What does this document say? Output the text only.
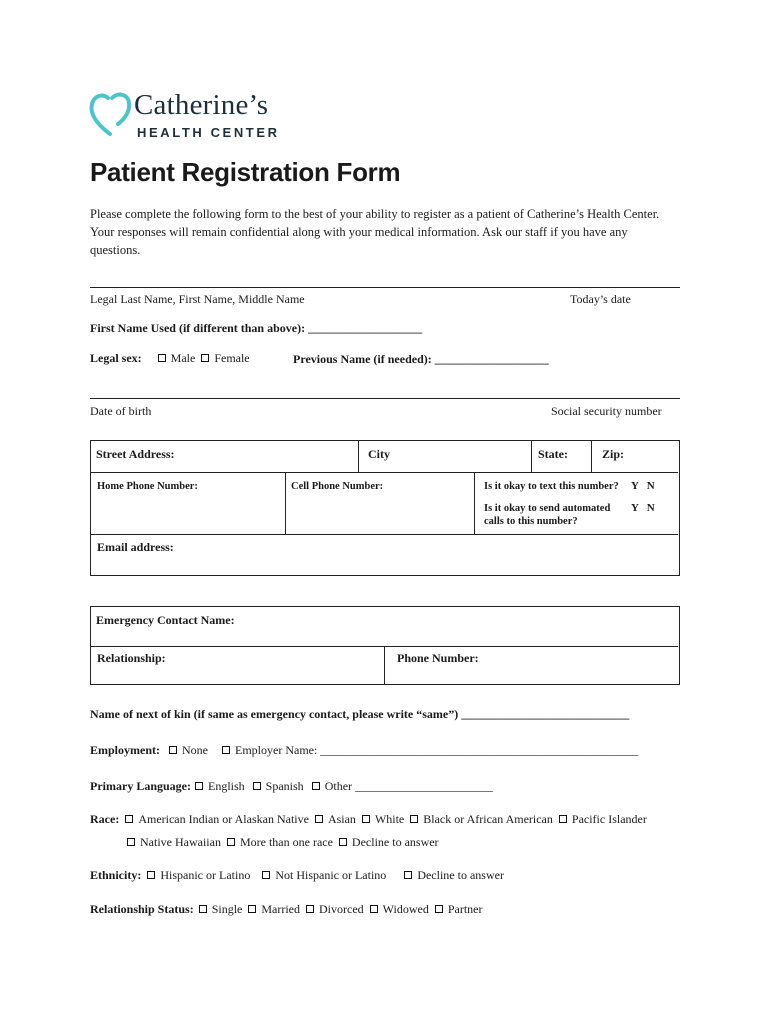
Catherine’s
HEALTH CENTER
Patient Registration Form
Please complete the following form to the best of your ability to register as a patient of Catherine’s Health Center. Your responses will remain confidential along with your medical information. Ask our staff if you have any questions.
Legal Last Name, First Name, Middle Name	Today’s date
First Name Used (if different than above): ___________________
Legal sex: Male Female	Previous Name (if needed): ___________________
Date of birth	Social security number
Street Address:	City	State:	Zip:
Home Phone Number:	Cell Phone Number:	Is it okay to text this number? Y   N
Is it okay to send automated calls to this number?
Y   N
Email address:
Emergency Contact Name:
Relationship:	Phone Number:
Name of next of kin (if same as emergency contact, please write “same”) ____________________________
Employment: None Employer Name: _____________________________________________________
Primary Language: English Spanish Other _______________________
Race: American Indian or Alaskan Native Asian White Black or African American Pacific Islander
Native Hawaiian More than one race Decline to answer
Ethnicity: Hispanic or Latino Not Hispanic or Latino	Decline to answer
Relationship Status: Single Married Divorced Widowed Partner
